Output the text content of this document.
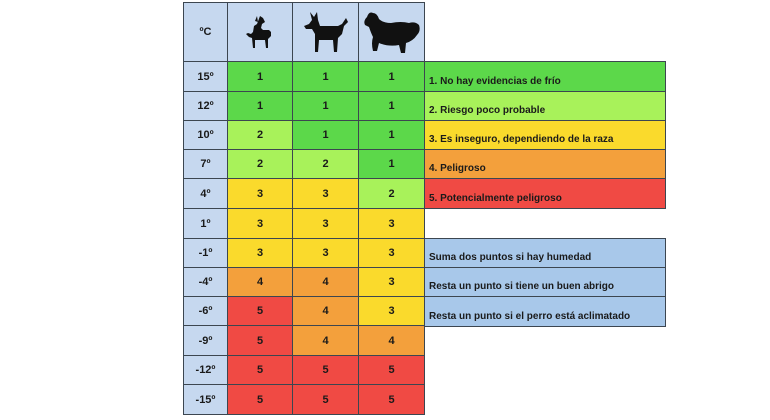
ºC
15º	1	1	1
12º	1	1	1
10º	2	1	1
7º	2	2	1
4º	3	3	2
1º	3	3	3
-1º	3	3	3
-4º	4	4	3
-6º	5	4	3
-9º	5	4	4
-12º	5	5	5
-15º	5	5	5
1. No hay evidencias de frío
2. Riesgo poco probable
3. Es inseguro, dependiendo de la raza
4. Peligroso
5. Potencialmente peligroso
Suma dos puntos si hay humedad
Resta un punto si tiene un buen abrigo
Resta un punto si el perro está aclimatado
